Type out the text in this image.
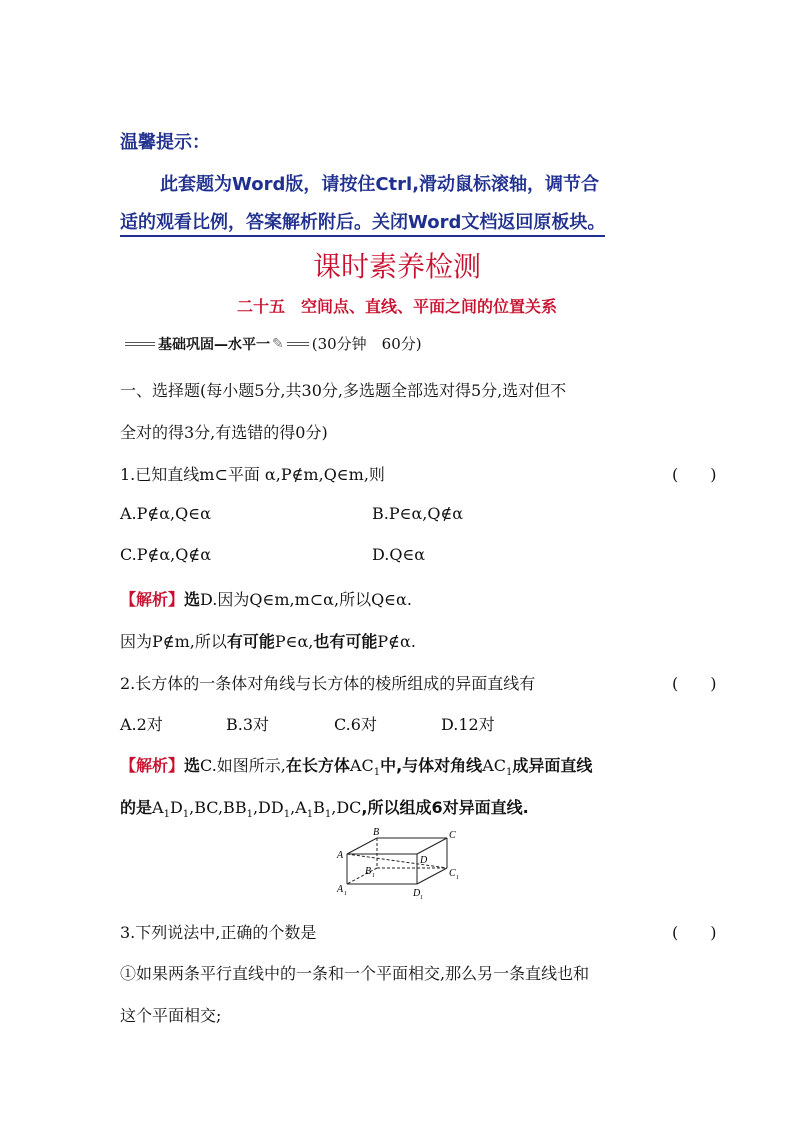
温馨提示：
此套题为Word版，请按住Ctrl,滑动鼠标滚轴，调节合
适的观看比例，答案解析附后。关闭Word文档返回原板块。
课时素养检测
二十五　空间点、直线、平面之间的位置关系
基础巩固—水平一 ✎ (30分钟　60分)
一、选择题(每小题5分,共30分,多选题全部选对得5分,选对但不
全对的得3分,有选错的得0分)
1.已知直线m⊂平面 α,P∉m,Q∈m,则	(　　)
A.P∉α,Q∈α	B.P∈α,Q∉α
C.P∉α,Q∉α	D.Q∈α
【解析】选D.因为Q∈m,m⊂α,所以Q∈α.
因为P∉m,所以有可能P∈α,也有可能P∉α.
2.长方体的一条体对角线与长方体的棱所组成的异面直线有	(　　)
A.2对	B.3对	C.6对	D.12对
【解析】选C.如图所示,在长方体$AC_1$中,与体对角线$AC_1$成异面直线
的是$A_1D_1,BC,BB_1,DD_1,A_1B_1,DC$,所以组成6对异面直线.
A
B	C
D
A 1
B 1	C 1
D 1
3.下列说法中,正确的个数是	(　　)
①如果两条平行直线中的一条和一个平面相交,那么另一条直线也和
这个平面相交;
